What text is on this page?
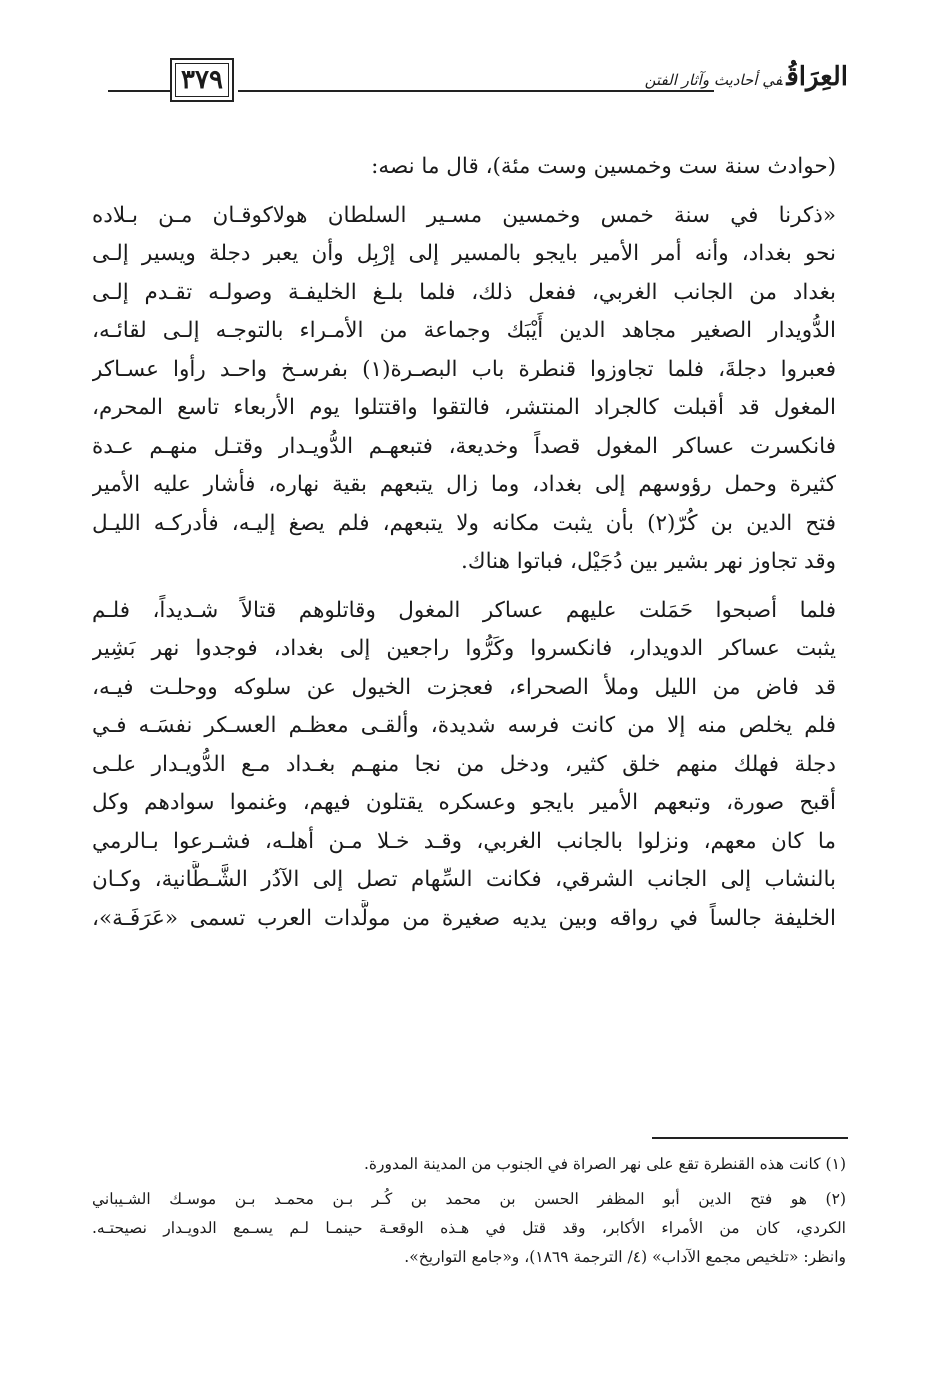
٣٧٩	العِرَاقُفي أحاديث وآثار الفتن
(حوادث سنة ست وخمسين وست مئة)، قال ما نصه:
«ذكرنا في سنة خمس وخمسين مسـير السلطان هولاكوقـان مـن بـلاده
نحو بغداد، وأنه أمر الأمير بايجو بالمسير إلى إرْبِل وأن يعبر دجلة ويسير إلـى
بغداد من الجانب الغربي، ففعل ذلك، فلما بلـغ الخليفـة وصولـه تقـدم إلـى
الدُّويدار الصغير مجاهد الدين أَيْبَك وجماعة من الأمـراء بالتوجـه إلـى لقائـه،
فعبروا دجلةَ، فلما تجاوزوا قنطرة باب البصـرة(١) بفرسـخ واحـد رأوا عسـاكر
المغول قد أقبلت كالجراد المنتشر، فالتقوا واقتتلوا يوم الأربعاء تاسع المحرم،
فانكسرت عساكر المغول قصداً وخديعة، فتبعهـم الدُّويـدار وقتـل منهـم عـدة
كثيرة وحمل رؤوسهم إلى بغداد، وما زال يتبعهم بقية نهاره، فأشار عليه الأمير
فتح الدين بن كُرّ(٢) بأن يثبت مكانه ولا يتبعهم، فلم يصغ إليـه، فأدركـه الليـل
وقد تجاوز نهر بشير بين دُجَيْل، فباتوا هناك.
فلما أصبحوا حَمَلت عليهم عساكر المغول وقاتلوهم قتالاً شـديداً، فلـم
يثبت عساكر الدويدار، فانكسروا وكَرُّوا راجعين إلى بغداد، فوجدوا نهر بَشِير
قد فاض من الليل وملأ الصحراء، فعجزت الخيول عن سلوكه ووحلـت فيـه،
فلم يخلص منه إلا من كانت فرسه شديدة، وألقـى معظـم العسـكر نفسَـه فـي
دجلة فهلك منهم خلق كثير، ودخل من نجا منهـم بغـداد مـع الدُّويـدار علـى
أقبح صورة، وتبعهم الأمير بايجو وعسكره يقتلون فيهم، وغنموا سوادهم وكل
ما كان معهم، ونزلوا بالجانب الغربي، وقـد خـلا مـن أهلـه، فشـرعوا بـالرمي
بالنشاب إلى الجانب الشرقي، فكانت السِّهام تصل إلى الآدُر الشَّـطَّانية، وكـان
الخليفة جالساً في رواقه وبين يديه صغيرة من مولَّدات العرب تسمى «عَرَفَـة»،
(١) كانت هذه القنطرة تقع على نهر الصراة في الجنوب من المدينة المدورة.
(٢) هو فتح الدين أبو المظفر الحسن بن محمد بن كُـر بـن محمـد بـن موسـك الشـيباني
الكردي، كان من الأمراء الأكابر، وقد قتل في هـذه الوقعـة حينمـا لـم يسـمع الدويـدار نصيحتـه.
وانظر: «تلخيص مجمع الآداب» (٤/ الترجمة ١٨٦٩)، و«جامع التواريخ».
